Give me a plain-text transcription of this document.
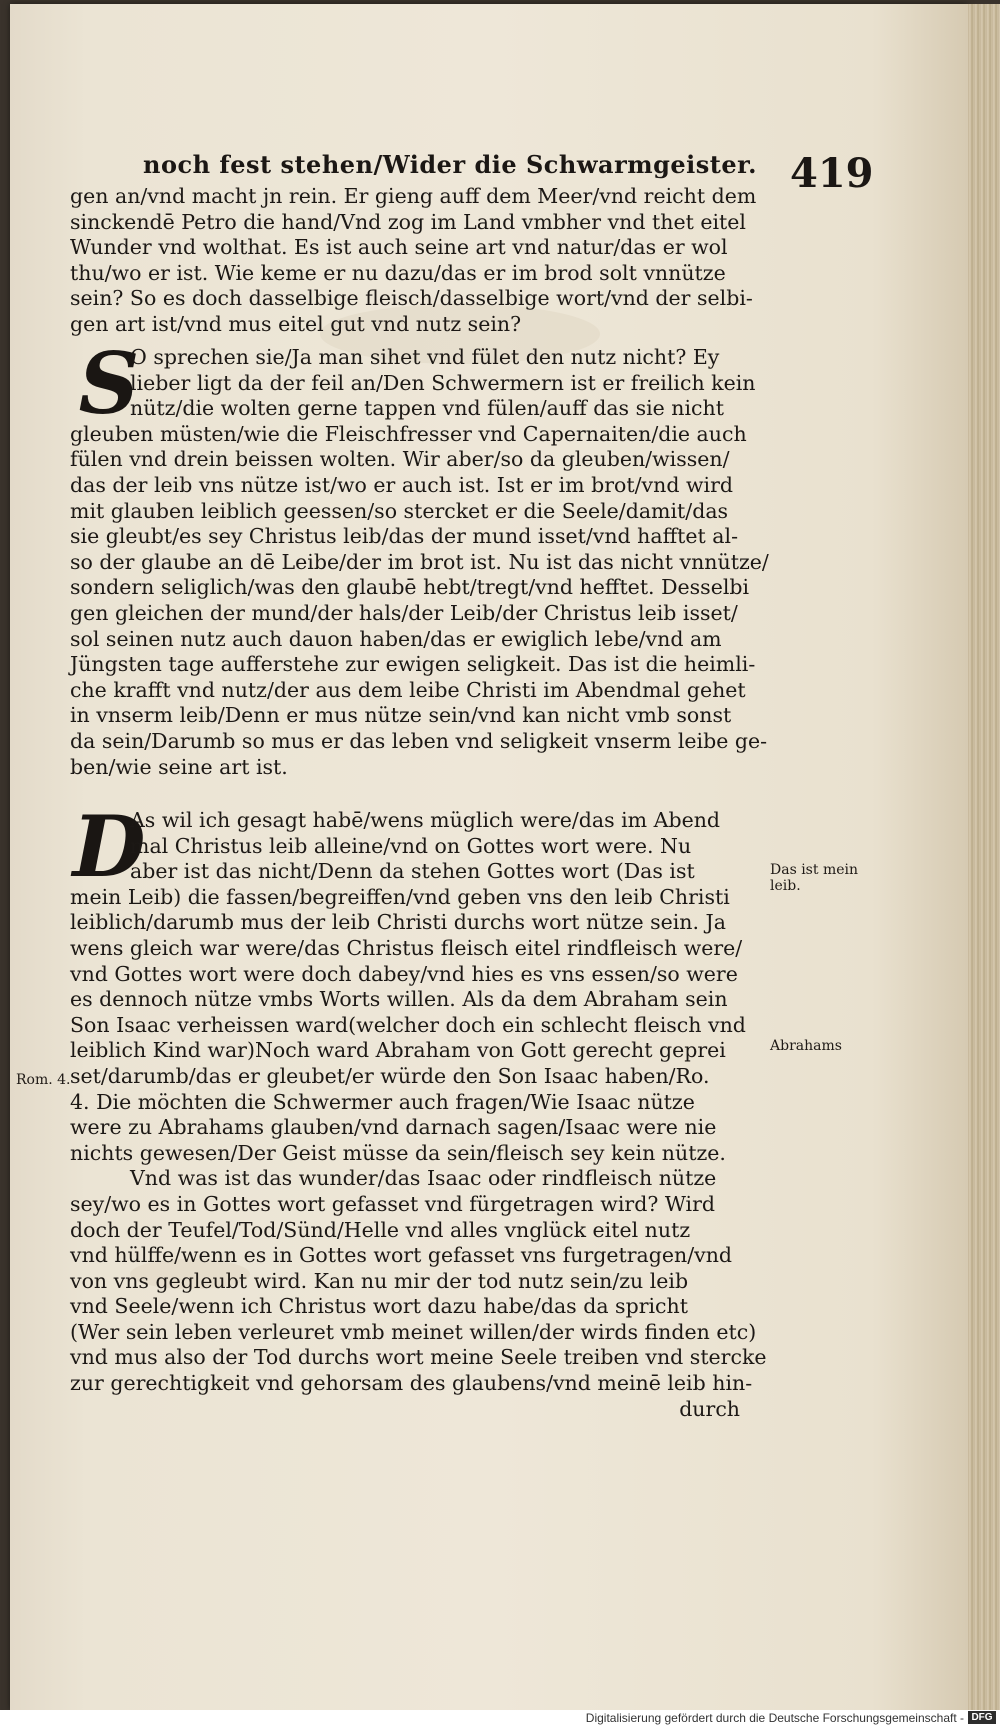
noch fest stehen/Wider die Schwarmgeister. 419
gen an/vnd macht jn rein. Er gieng auff dem Meer/vnd reicht dem
sinckendē Petro die hand/Vnd zog im Land vmbher vnd thet eitel
Wunder vnd wolthat. Es ist auch seine art vnd natur/das er wol
thu/wo er ist. Wie keme er nu dazu/das er im brod solt vnnütze
sein? So es doch dasselbige fleisch/dasselbige wort/vnd der selbi-
gen art ist/vnd mus eitel gut vnd nutz sein?
S
O sprechen sie/Ja man sihet vnd fület den nutz nicht? Ey
lieber ligt da der feil an/Den Schwermern ist er freilich kein
nütz/die wolten gerne tappen vnd fülen/auff das sie nicht
gleuben müsten/wie die Fleischfresser vnd Capernaiten/die auch
fülen vnd drein beissen wolten. Wir aber/so da gleuben/wissen/
das der leib vns nütze ist/wo er auch ist. Ist er im brot/vnd wird
mit glauben leiblich geessen/so stercket er die Seele/damit/das
sie gleubt/es sey Christus leib/das der mund isset/vnd hafftet al-
so der glaube an dē Leibe/der im brot ist. Nu ist das nicht vnnütze/
sondern seliglich/was den glaubē hebt/tregt/vnd hefftet. Desselbi
gen gleichen der mund/der hals/der Leib/der Christus leib isset/
sol seinen nutz auch dauon haben/das er ewiglich lebe/vnd am
Jüngsten tage aufferstehe zur ewigen seligkeit. Das ist die heimli-
che krafft vnd nutz/der aus dem leibe Christi im Abendmal gehet
in vnserm leib/Denn er mus nütze sein/vnd kan nicht vmb sonst
da sein/Darumb so mus er das leben vnd seligkeit vnserm leibe ge-
ben/wie seine art ist.
D
As wil ich gesagt habē/wens müglich were/das im Abend
mal Christus leib alleine/vnd on Gottes wort were. Nu
aber ist das nicht/Denn da stehen Gottes wort (Das ist
mein Leib) die fassen/begreiffen/vnd geben vns den leib Christi
leiblich/darumb mus der leib Christi durchs wort nütze sein. Ja
wens gleich war were/das Christus fleisch eitel rindfleisch were/
vnd Gottes wort were doch dabey/vnd hies es vns essen/so were
es dennoch nütze vmbs Worts willen. Als da dem Abraham sein
Son Isaac verheissen ward(welcher doch ein schlecht fleisch vnd
leiblich Kind war)Noch ward Abraham von Gott gerecht geprei
set/darumb/das er gleubet/er würde den Son Isaac haben/Ro.
4. Die möchten die Schwermer auch fragen/Wie Isaac nütze
were zu Abrahams glauben/vnd darnach sagen/Isaac were nie
nichts gewesen/Der Geist müsse da sein/fleisch sey kein nütze.
Vnd was ist das wunder/das Isaac oder rindfleisch nütze
sey/wo es in Gottes wort gefasset vnd fürgetragen wird? Wird
doch der Teufel/Tod/Sünd/Helle vnd alles vnglück eitel nutz
vnd hülffe/wenn es in Gottes wort gefasset vns furgetragen/vnd
von vns gegleubt wird. Kan nu mir der tod nutz sein/zu leib
vnd Seele/wenn ich Christus wort dazu habe/das da spricht
(Wer sein leben verleuret vmb meinet willen/der wirds finden etc)
vnd mus also der Tod durchs wort meine Seele treiben vnd stercke
zur gerechtigkeit vnd gehorsam des glaubens/vnd meinē leib hin-
durch
Das ist mein
leib.
Abrahams
Rom. 4.
Digitalisierung gefördert durch die Deutsche Forschungsgemeinschaft - DFG
